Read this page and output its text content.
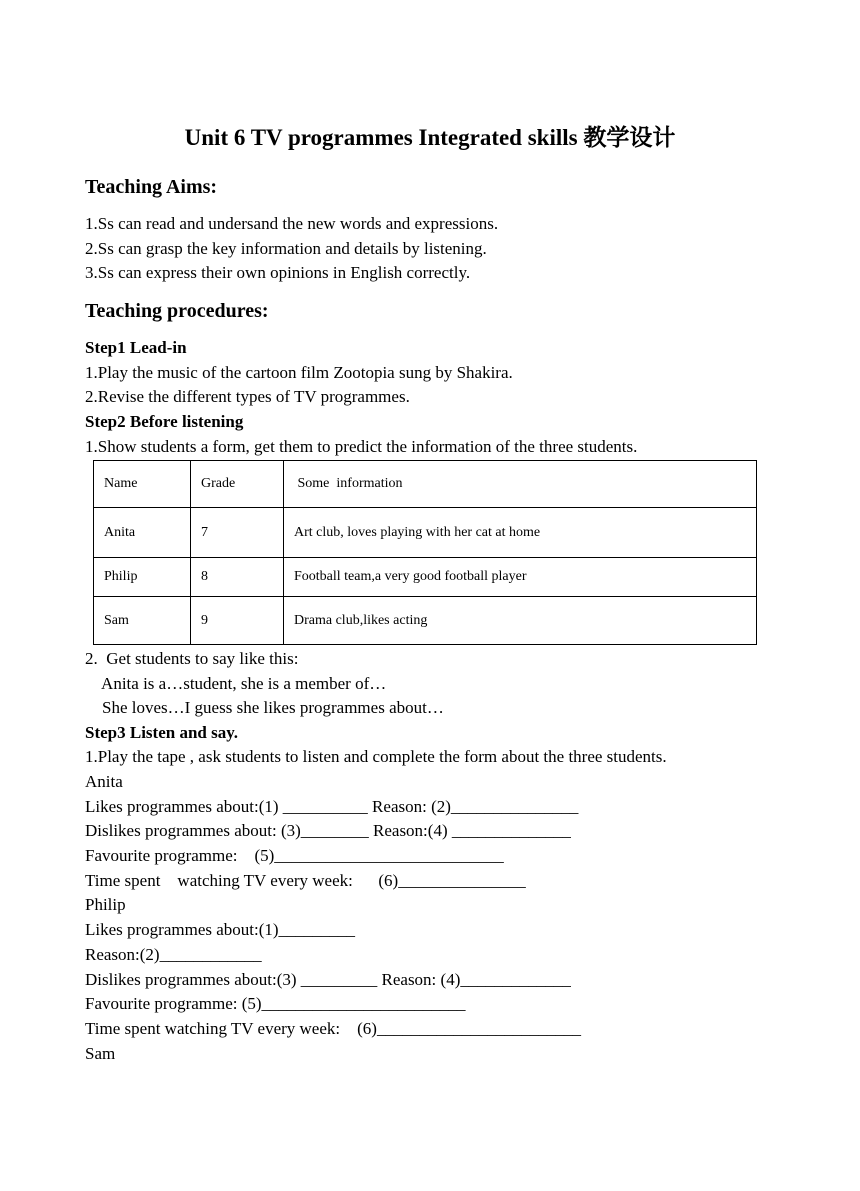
Unit 6 TV programmes Integrated skills 教学设计
Teaching Aims:
1.Ss can read and undersand the new words and expressions.
2.Ss can grasp the key information and details by listening.
3.Ss can express their own opinions in English correctly.
Teaching procedures:
Step1 Lead-in
1.Play the music of the cartoon film Zootopia sung by Shakira.
2.Revise the different types of TV programmes.
Step2 Before listening
1.Show students a form, get them to predict the information of the three students.
Name	Grade	Some  information
Anita	7	Art club, loves playing with her cat at home
Philip	8	Football team,a very good football player
Sam	9	Drama club,likes acting
2.  Get students to say like this:
Anita is a…student, she is a member of…
She loves…I guess she likes programmes about…
Step3 Listen and say.
1.Play the tape , ask students to listen and complete the form about the three students.
Anita
Likes programmes about:(1) __________ Reason: (2)_______________
Dislikes programmes about: (3)________ Reason:(4) ______________
Favourite programme:    (5)___________________________
Time spent    watching TV every week:      (6)_______________
Philip
Likes programmes about:(1)_________
Reason:(2)____________
Dislikes programmes about:(3) _________ Reason: (4)_____________
Favourite programme: (5)________________________
Time spent watching TV every week:    (6)________________________
Sam
